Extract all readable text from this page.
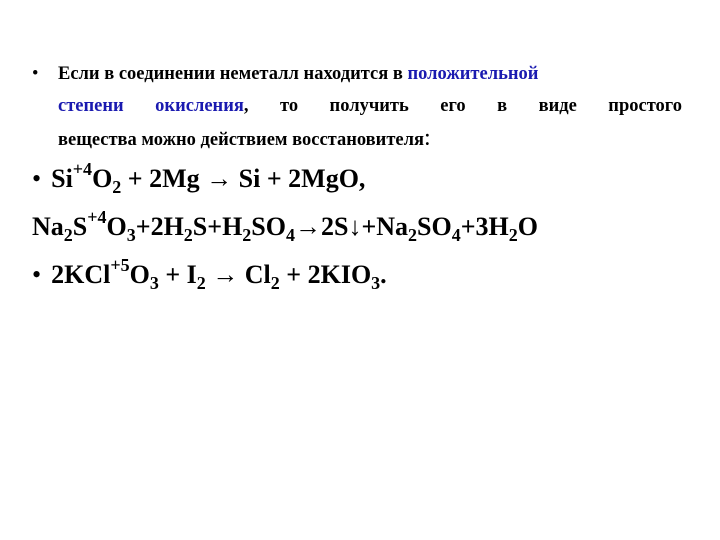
• Если в соединении неметалл находится в положительной
степени окисления, то получить его в виде простого
вещества можно действием восстановителя:
• $Si^{+4}O_2 + 2Mg \to Si + 2MgO$,
$Na_2S^{+4}O_3+2H_2S+H_2SO_4\to 2S↓+Na_2SO_4+3H_2O$
• $2KCl^{+5}O_3 + I_2 \to Cl_2 + 2KIO_3$.
